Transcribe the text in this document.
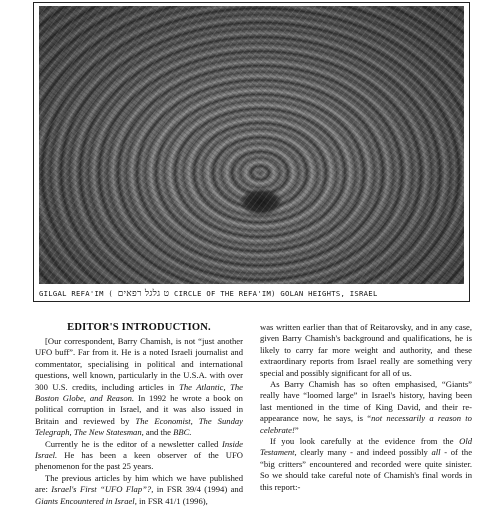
GILGAL REFA'IM ( ט גלגל רפאים CIRCLE OF THE REFA'IM) GOLAN HEIGHTS, ISRAEL
EDITOR'S INTRODUCTION.

[Our correspondent, Barry Chamish, is not “just another UFO buff”. Far from it. He is a noted Israeli journalist and commentator, specialising in political and international questions, well known, particularly in the U.S.A. with over 300 U.S. credits, including articles in The Atlantic, The Boston Globe, and Reason. In 1992 he wrote a book on political corruption in Israel, and it was also issued in Britain and reviewed by The Economist, The Sunday Telegraph, The New Statesman, and the BBC.

Currently he is the editor of a newsletter called Inside Israel. He has been a keen observer of the UFO phenomenon for the past 25 years.

The previous articles by him which we have published are: Israel's First “UFO Flap”?, in FSR 39/4 (1994) and Giants Encountered in Israel, in FSR 41/1 (1996),

was written earlier than that of Reitarovsky, and in any case, given Barry Chamish's background and qualifications, he is likely to carry far more weight and authority, and these extraordinary reports from Israel really are something very special and possibly significant for all of us.

As Barry Chamish has so often emphasised, “Giants” really have “loomed large” in Israel's history, having been last mentioned in the time of King David, and their re-appearance now, he says, is “not necessarily a reason to celebrate!”

If you look carefully at the evidence from the Old Testament, clearly many - and indeed possibly all - of the “big critters” encountered and recorded were quite sinister. So we should take careful note of Chamish's final words in this report:-
